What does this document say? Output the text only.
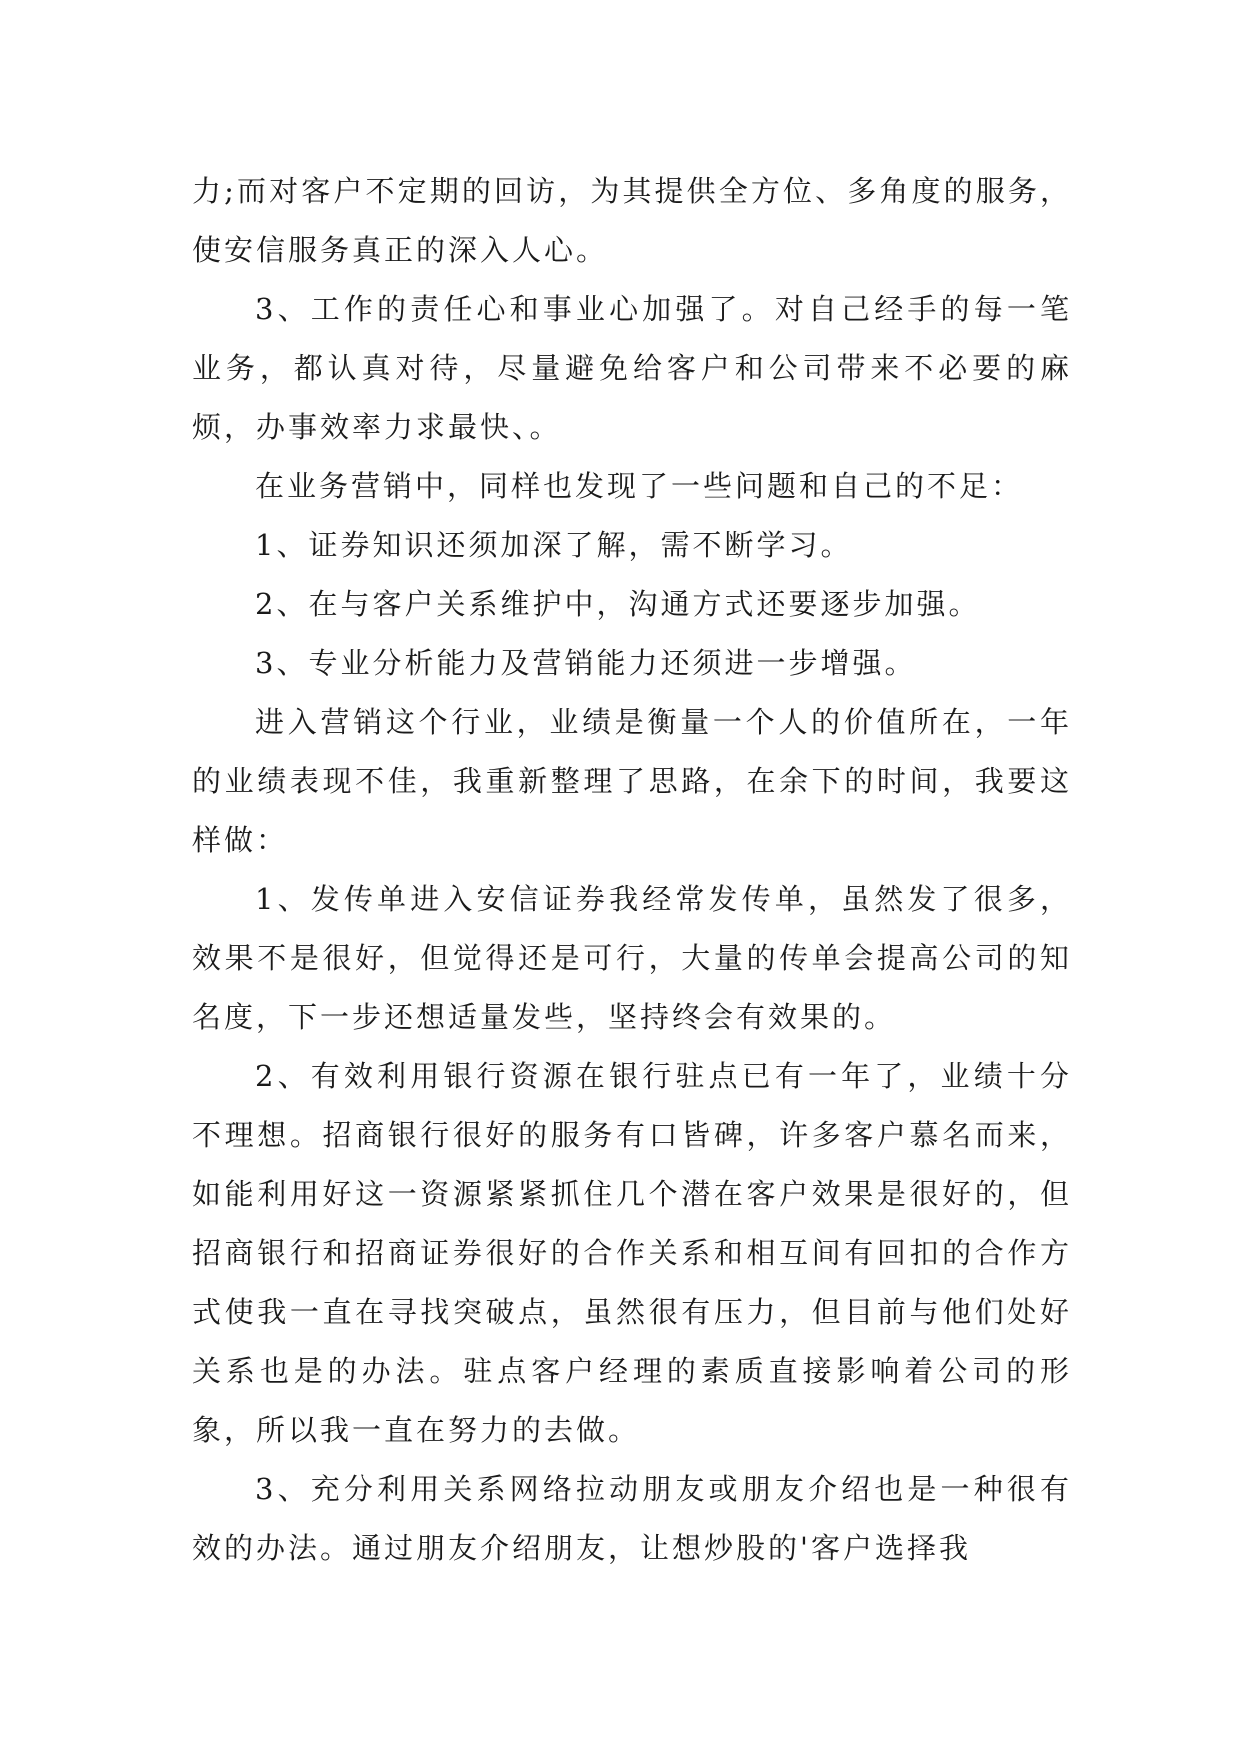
力;而对客户不定期的回访，为其提供全方位、多角度的服务，使安信服务真正的深入人心。

3、工作的责任心和事业心加强了。对自己经手的每一笔业务，都认真对待，尽量避免给客户和公司带来不必要的麻烦，办事效率力求最快、。

在业务营销中，同样也发现了一些问题和自己的不足：

1、证券知识还须加深了解，需不断学习。

2、在与客户关系维护中，沟通方式还要逐步加强。

3、专业分析能力及营销能力还须进一步增强。

进入营销这个行业，业绩是衡量一个人的价值所在，一年的业绩表现不佳，我重新整理了思路，在余下的时间，我要这样做：

1、发传单进入安信证券我经常发传单，虽然发了很多，效果不是很好，但觉得还是可行，大量的传单会提高公司的知名度，下一步还想适量发些，坚持终会有效果的。

2、有效利用银行资源在银行驻点已有一年了，业绩十分不理想。招商银行很好的服务有口皆碑，许多客户慕名而来，如能利用好这一资源紧紧抓住几个潜在客户效果是很好的，但招商银行和招商证券很好的合作关系和相互间有回扣的合作方式使我一直在寻找突破点，虽然很有压力，但目前与他们处好关系也是的办法。驻点客户经理的素质直接影响着公司的形象，所以我一直在努力的去做。

3、充分利用关系网络拉动朋友或朋友介绍也是一种很有效的办法。通过朋友介绍朋友，让想炒股的'客户选择我
